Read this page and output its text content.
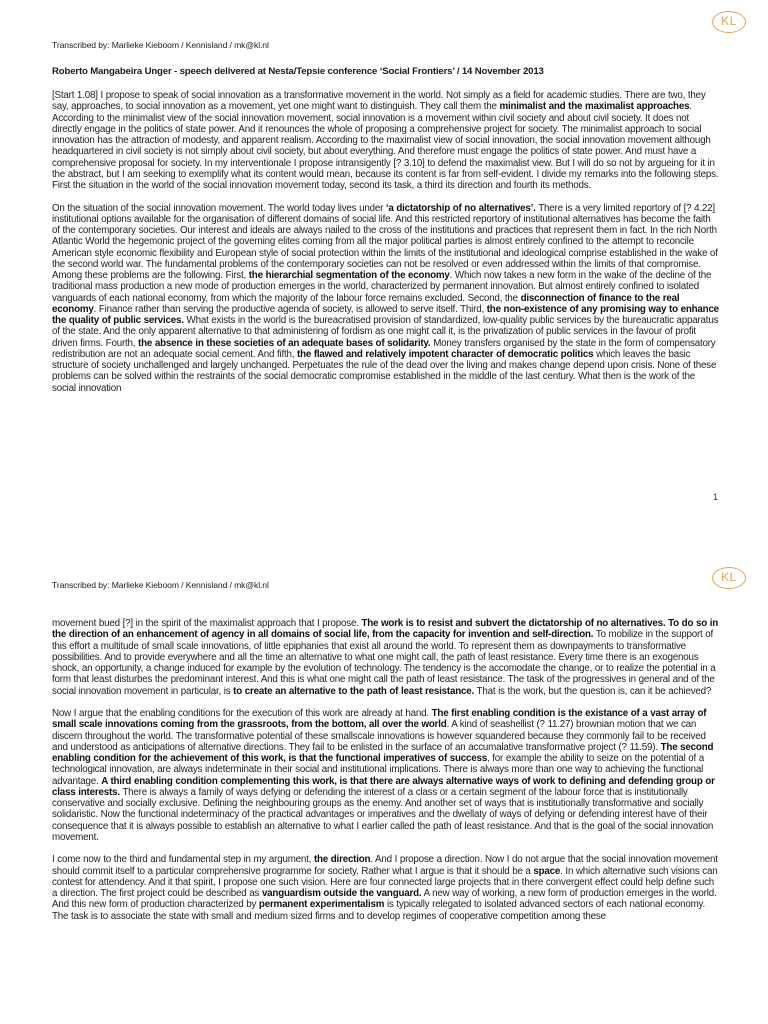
KL
Transcribed by: Marlieke Kieboom / Kennisland / mk@kl.nl
Roberto Mangabeira Unger - speech delivered at Nesta/Tepsie conference ‘Social Frontiers’ / 14 November 2013

[Start 1.08] I propose to speak of social innovation as a transformative movement in the world. Not simply as a field for academic studies. There are two, they say, approaches, to social innovation as a movement, yet one might want to distinguish. They call them the minimalist and the maximalist approaches. According to the minimalist view of the social innovation movement, social innovation is a movement within civil society and about civil society. It does not directly engage in the politics of state power. And it renounces the whole of proposing a comprehensive project for society. The minimalist approach to social innovation has the attraction of modesty, and apparent realism. According to the maximalist view of social innovation, the social innovation movement although headquartered in civil society is not simply about civil society, but about everything. And therefore must engage the politics of state power. And must have a comprehensive proposal for society. In my interventionale I propose intransigently [? 3.10] to defend the maximalist view. But I will do so not by argueing for it in the abstract, but I am seeking to exemplify what its content would mean, because its content is far from self-evident. I divide my remarks into the following steps. First the situation in the world of the social innovation movement today, second its task, a third its direction and fourth its methods.

On the situation of the social innovation movement. The world today lives under ‘a dictatorship of no alternatives’. There is a very limited reportory of [? 4.22] institutional options available for the organisation of different domains of social life. And this restricted reportory of institutional alternatives has become the faith of the contemporary societies. Our interest and ideals are always nailed to the cross of the institutions and practices that represent them in fact. In the rich North Atlantic World the hegemonic project of the governing elites coming from all the major political parties is almost entirely confined to the attempt to reconcile American style economic flexibility and European style of social protection within the limits of the institutional and ideological comprise established in the wake of the second world war. The fundamental problems of the contemporary societies can not be resolved or even addressed within the limits of that compromise. Among these problems are the following. First, the hierarchial segmentation of the economy. Which now takes a new form in the wake of the decline of the traditional mass production a new mode of production emerges in the world, characterized by permanent innovation. But almost entirely confined to isolated vanguards of each national economy, from which the majority of the labour force remains excluded. Second, the disconnection of finance to the real economy. Finance rather than serving the productive agenda of society, is allowed to serve itself. Third, the non-existence of any promising way to enhance the quality of public services. What exists in the world is the bureacratised provision of standardized, low-quality public services by the bureaucratic apparatus of the state. And the only apparent alternative to that administering of fordism as one might call it, is the privatization of public services in the favour of profit driven firms. Fourth, the absence in these societies of an adequate bases of solidarity. Money transfers organised by the state in the form of compensatory redistribution are not an adequate social cement. And fifth, the flawed and relatively impotent character of democratic politics which leaves the basic structure of society unchallenged and largely unchanged. Perpetuates the rule of the dead over the living and makes change depend upon crisis. None of these problems can be solved within the restraints of the social democratic compromise established in the middle of the last century. What then is the work of the social innovation

1
KL
Transcribed by: Marlieke Kieboom / Kennisland / mk@kl.nl

movement bued [?] in the spirit of the maximalist approach that I propose. The work is to resist and subvert the dictatorship of no alternatives. To do so in the direction of an enhancement of agency in all domains of social life, from the capacity for invention and self-direction. To mobilize in the support of this effort a multitude of small scale innovations, of little epiphanies that exist all around the world. To represent them as downpayments to transformative possibilities. And to provide everywhere and all the time an alternative to what one might call, the path of least resistance. Every time there is an exogenous shock, an opportunity, a change induced for example by the evolution of technology. The tendency is the accomodate the change, or to realize the potential in a form that least disturbes the predominant interest. And this is what one might call the path of least resistance. The task of the progressives in general and of the social innovation movement in particular, is to create an alternative to the path of least resistance. That is the work, but the question is, can it be achieved?

Now I argue that the enabling conditions for the execution of this work are already at hand. The first enabling condition is the existance of a vast array of small scale innovations coming from the grassroots, from the bottom, all over the world. A kind of seashellist (? 11.27) brownian motion that we can discern throughout the world. The transformative potential of these smallscale innovations is however squandered because they commonly fail to be received and understood as anticipations of alternative directions. They fail to be enlisted in the surface of an accumalative transformative project (? 11.59). The second enabling condition for the achievement of this work, is that the functional imperatives of success, for example the ability to seize on the potential of a technological innovation, are always indeterminate in their social and institutional implications. There is always more than one way to achieving the functional advantage. A third enabling condition complementing this work, is that there are always alternative ways of work to defining and defending group or class interests. There is always a family of ways defying or defending the interest of a class or a certain segment of the labour force that is institutionally conservative and socially exclusive. Defining the neighbouring groups as the enemy. And another set of ways that is institutionally transformative and socially solidaristic. Now the functional indeterminacy of the practical advantages or imperatives and the dwellaty of ways of defying or defending interest have of their consequence that it is always possible to establish an alternative to what I earlier called the path of least resistance. And that is the goal of the social innovation movement.

I come now to the third and fundamental step in my argument, the direction. And I propose a direction. Now I do not argue that the social innovation movement should commit itself to a particular comprehensive programme for society. Rather what I argue is that it should be a space. In which alternative such visions can contest for attendency. And it that spirit, I propose one such vision. Here are four connected large projects that in there convergent effect could help define such a direction. The first project could be described as vanguardism outside the vanguard. A new way of working, a new form of production emerges in the world. And this new form of production characterized by permanent experimentalism is typically relegated to isolated advanced sectors of each national economy. The task is to associate the state with small and medium sized firms and to develop regimes of cooperative competition among these
